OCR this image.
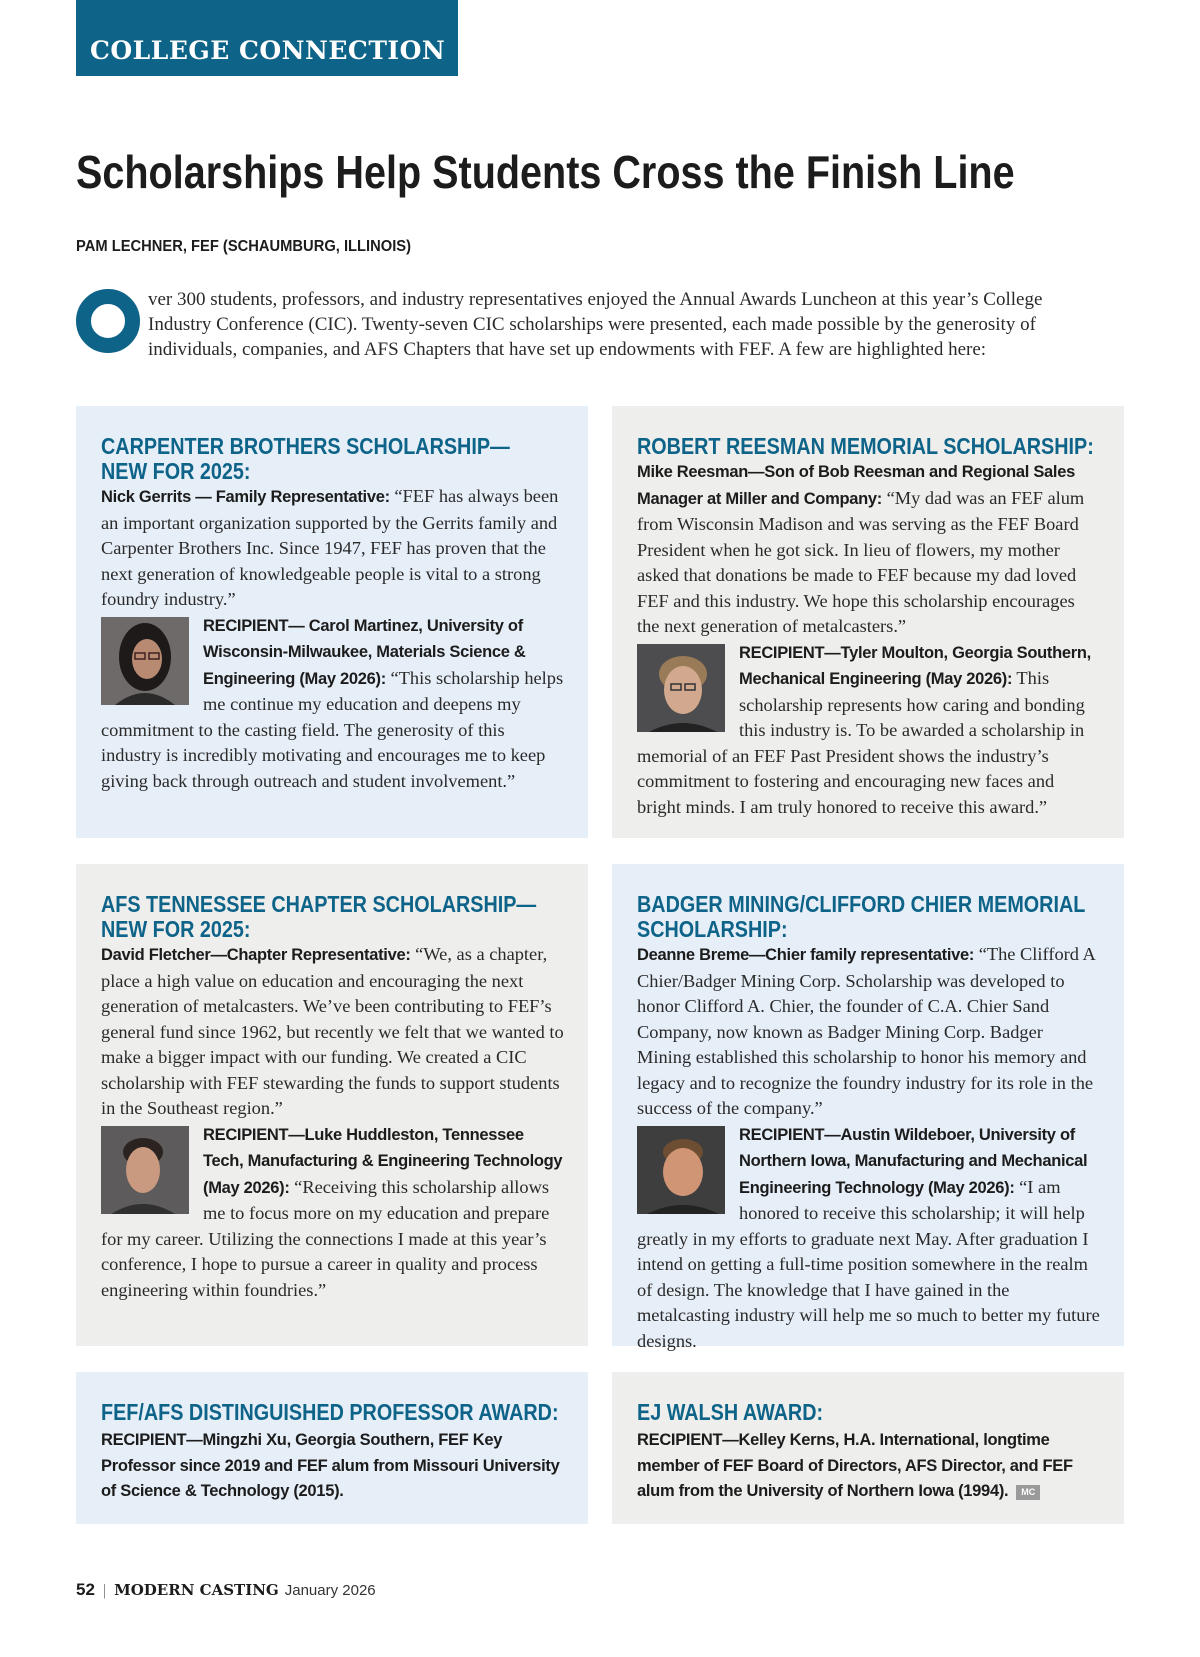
COLLEGE CONNECTION
Scholarships Help Students Cross the Finish Line
PAM LECHNER, FEF (SCHAUMBURG, ILLINOIS)
ver 300 students, professors, and industry representatives enjoyed the Annual Awards Luncheon at this year’s College Industry Conference (CIC). Twenty-seven CIC scholarships were presented, each made possible by the generosity of individuals, companies, and AFS Chapters that have set up endowments with FEF. A few are highlighted here:
CARPENTER BROTHERS SCHOLARSHIP—
NEW FOR 2025:
Nick Gerrits — Family Representative: “FEF has always been an important organization supported by the Gerrits family and Carpenter Brothers Inc. Since 1947, FEF has proven that the next generation of knowledgeable people is vital to a strong foundry industry.”
RECIPIENT— Carol Martinez, University of Wisconsin-Milwaukee, Materials Science & Engineering (May 2026): “This scholarship helps me continue my education and deepens my commitment to the casting field. The generosity of this industry is incredibly motivating and encourages me to keep giving back through outreach and student involvement.”
ROBERT REESMAN MEMORIAL SCHOLARSHIP:
Mike Reesman—Son of Bob Reesman and Regional Sales Manager at Miller and Company: “My dad was an FEF alum from Wisconsin Madison and was serving as the FEF Board President when he got sick. In lieu of flowers, my mother asked that donations be made to FEF because my dad loved FEF and this industry. We hope this scholarship encourages the next generation of metalcasters.”
RECIPIENT—Tyler Moulton, Georgia Southern, Mechanical Engineering (May 2026): This scholarship represents how caring and bonding this industry is. To be awarded a scholarship in memorial of an FEF Past President shows the industry’s commitment to fostering and encouraging new faces and bright minds. I am truly honored to receive this award.”
AFS TENNESSEE CHAPTER SCHOLARSHIP—
NEW FOR 2025:
David Fletcher—Chapter Representative: “We, as a chapter, place a high value on education and encouraging the next generation of metalcasters. We’ve been contributing to FEF’s general fund since 1962, but recently we felt that we wanted to make a bigger impact with our funding. We created a CIC scholarship with FEF stewarding the funds to support students in the Southeast region.”
RECIPIENT—Luke Huddleston, Tennessee Tech, Manufacturing & Engineering Technology (May 2026): “Receiving this scholarship allows me to focus more on my education and prepare for my career. Utilizing the connections I made at this year’s conference, I hope to pursue a career in quality and process engineering within foundries.”
BADGER MINING/CLIFFORD CHIER MEMORIAL
SCHOLARSHIP:
Deanne Breme—Chier family representative: “The Clifford A Chier/Badger Mining Corp. Scholarship was developed to honor Clifford A. Chier, the founder of C.A. Chier Sand Company, now known as Badger Mining Corp. Badger Mining established this scholarship to honor his memory and legacy and to recognize the foundry industry for its role in the success of the company.”
RECIPIENT—Austin Wildeboer, University of Northern Iowa, Manufacturing and Mechanical Engineering Technology (May 2026): “I am honored to receive this scholarship; it will help greatly in my efforts to graduate next May. After graduation I intend on getting a full-time position somewhere in the realm of design. The knowledge that I have gained in the metalcasting industry will help me so much to better my future designs.
FEF/AFS DISTINGUISHED PROFESSOR AWARD:
RECIPIENT—Mingzhi Xu, Georgia Southern, FEF Key Professor since 2019 and FEF alum from Missouri University of Science & Technology (2015).
EJ WALSH AWARD:
RECIPIENT—Kelley Kerns, H.A. International, longtime member of FEF Board of Directors, AFS Director, and FEF alum from the University of Northern Iowa (1994). MC
52 | MODERN CASTING January 2026
